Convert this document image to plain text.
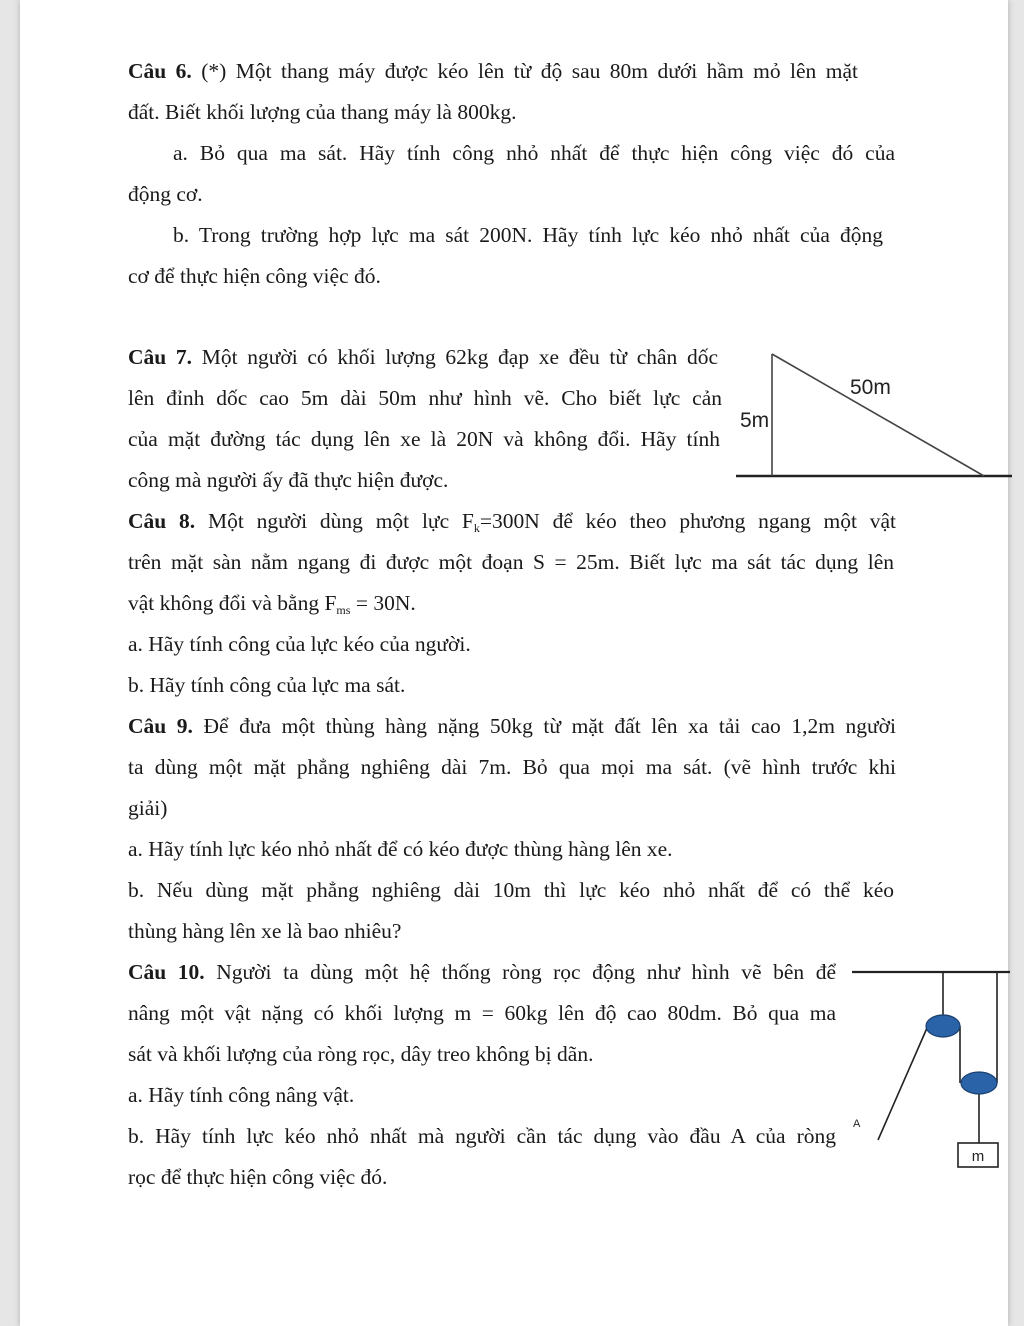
Câu 6. (*) Một thang máy được kéo lên từ độ sau 80m dưới hầm mỏ lên mặt
đất. Biết khối lượng của thang máy là 800kg.
a. Bỏ qua ma sát. Hãy tính công nhỏ nhất để thực hiện công việc đó của
động cơ.
b. Trong trường hợp lực ma sát 200N. Hãy tính lực kéo nhỏ nhất của động
cơ để thực hiện công việc đó.
Câu 7. Một người có khối lượng 62kg đạp xe đều từ chân dốc
lên đỉnh dốc cao 5m dài 50m như hình vẽ. Cho biết lực cản
của mặt đường tác dụng lên xe là 20N và không đổi. Hãy tính
công mà người ấy đã thực hiện được.
50m
5m
Câu 8. Một người dùng một lực $F_k=300N$ để kéo theo phương ngang một vật
trên mặt sàn nằm ngang đi được một đoạn S = 25m. Biết lực ma sát tác dụng lên
vật không đổi và bằng $F_{ms} = 30N$.
a. Hãy tính công của lực kéo của người.
b. Hãy tính công của lực ma sát.
Câu 9. Để đưa một thùng hàng nặng 50kg từ mặt đất lên xa tải cao 1,2m người
ta dùng một mặt phẳng nghiêng dài 7m. Bỏ qua mọi ma sát. (vẽ hình trước khi
giải)
a. Hãy tính lực kéo nhỏ nhất để có kéo được thùng hàng lên xe.
b. Nếu dùng mặt phẳng nghiêng dài 10m thì lực kéo nhỏ nhất để có thể kéo
thùng hàng lên xe là bao nhiêu?
Câu 10. Người ta dùng một hệ thống ròng rọc động như hình vẽ bên để
nâng một vật nặng có khối lượng m = 60kg lên độ cao 80dm. Bỏ qua ma
sát và khối lượng của ròng rọc, dây treo không bị dãn.
a. Hãy tính công nâng vật.
b. Hãy tính lực kéo nhỏ nhất mà người cần tác dụng vào đầu A của ròng
rọc để thực hiện công việc đó.
m
A
